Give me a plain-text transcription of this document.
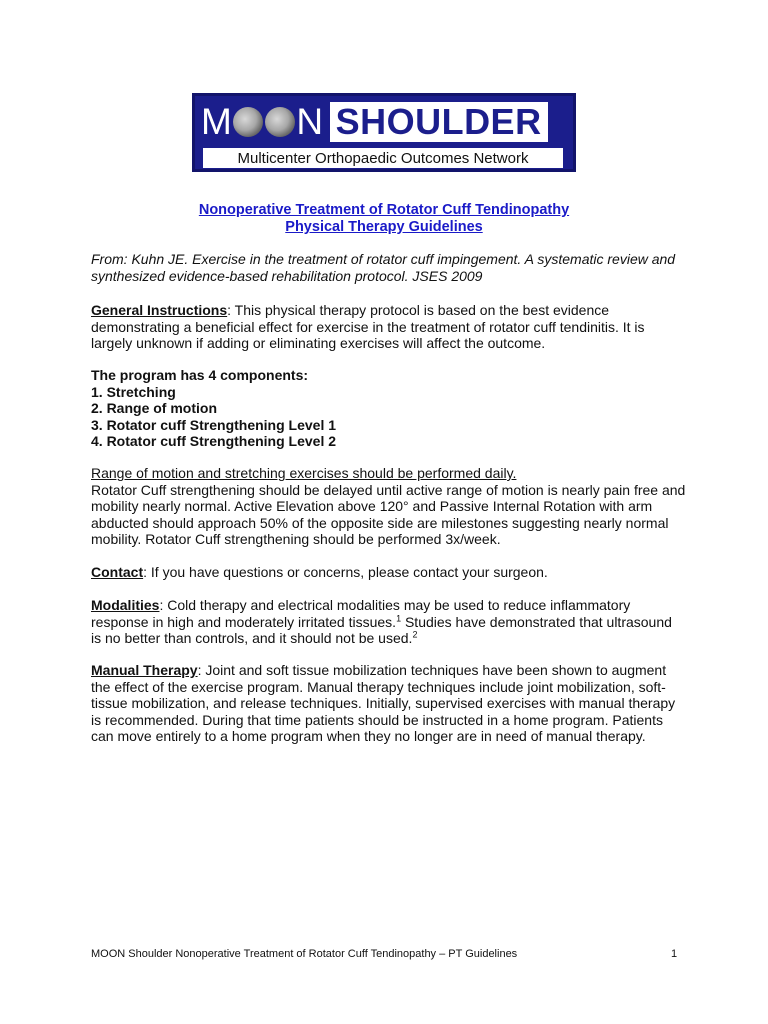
M N SHOULDER
Multicenter Orthopaedic Outcomes Network
Nonoperative Treatment of Rotator Cuff Tendinopathy
Physical Therapy Guidelines
From: Kuhn JE. Exercise in the treatment of rotator cuff impingement. A systematic review and
synthesized evidence-based rehabilitation protocol. JSES 2009
General Instructions: This physical therapy protocol is based on the best evidence
demonstrating a beneficial effect for exercise in the treatment of rotator cuff tendinitis. It is
largely unknown if adding or eliminating exercises will affect the outcome.
The program has 4 components:
1. Stretching
2. Range of motion
3. Rotator cuff Strengthening Level 1
4. Rotator cuff Strengthening Level 2
Range of motion and stretching exercises should be performed daily.
Rotator Cuff strengthening should be delayed until active range of motion is nearly pain free and
mobility nearly normal. Active Elevation above 120° and Passive Internal Rotation with arm
abducted should approach 50% of the opposite side are milestones suggesting nearly normal
mobility. Rotator Cuff strengthening should be performed 3x/week.
Contact: If you have questions or concerns, please contact your surgeon.
Modalities: Cold therapy and electrical modalities may be used to reduce inflammatory
response in high and moderately irritated tissues.$^1$ Studies have demonstrated that ultrasound
is no better than controls, and it should not be used.$^2$
Manual Therapy: Joint and soft tissue mobilization techniques have been shown to augment
the effect of the exercise program. Manual therapy techniques include joint mobilization, soft-
tissue mobilization, and release techniques. Initially, supervised exercises with manual therapy
is recommended. During that time patients should be instructed in a home program. Patients
can move entirely to a home program when they no longer are in need of manual therapy.
MOON Shoulder Nonoperative Treatment of Rotator Cuff Tendinopathy – PT Guidelines	1
